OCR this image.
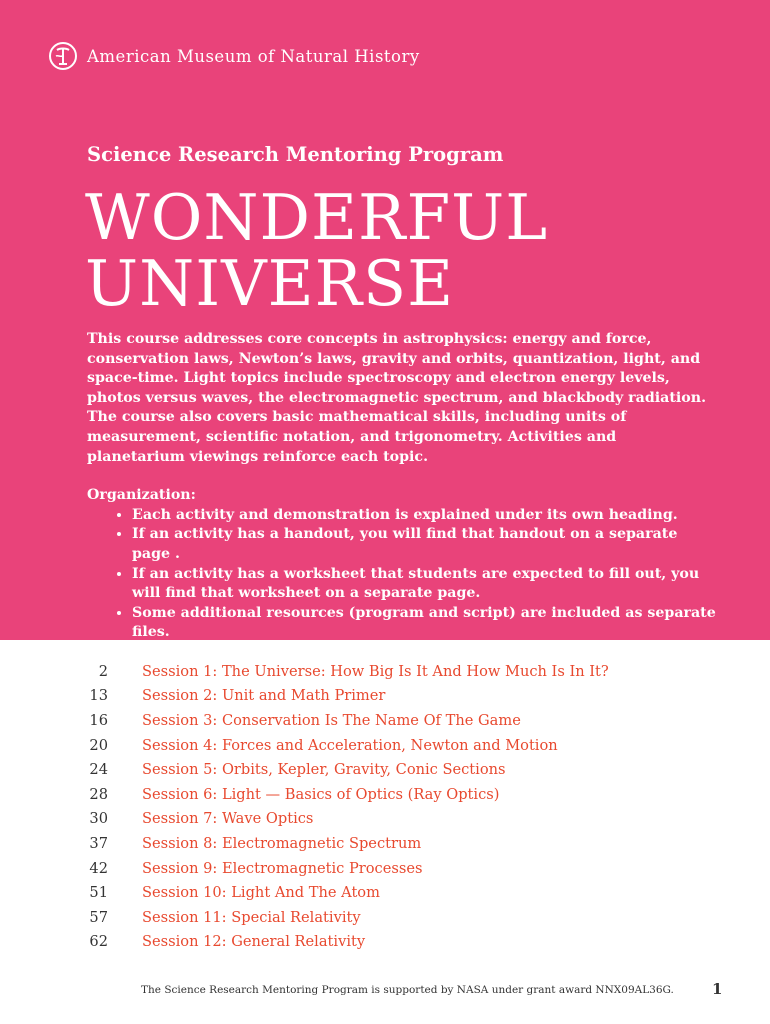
American Museum of Natural History
Science Research Mentoring Program
WONDERFUL
UNIVERSE

This course addresses core concepts in astrophysics: energy and force, conservation laws, Newton’s laws, gravity and orbits, quantization, light, and space-time. Light topics include spectroscopy and electron energy levels, photos versus waves, the electromagnetic spectrum, and blackbody radiation. The course also covers basic mathematical skills, including units of measurement, scientific notation, and trigonometry. Activities and planetarium viewings reinforce each topic.

Organization:

• Each activity and demonstration is explained under its own heading.
• If an activity has a handout, you will find that handout on a separate page .
• If an activity has a worksheet that students are expected to fill out, you will find that worksheet on a separate page.
• Some additional resources (program and script) are included as separate files.
2 Session 1: The Universe: How Big Is It And How Much Is In It?
13 Session 2: Unit and Math Primer
16 Session 3: Conservation Is The Name Of The Game
20 Session 4: Forces and Acceleration, Newton and Motion
24 Session 5: Orbits, Kepler, Gravity, Conic Sections
28 Session 6: Light — Basics of Optics (Ray Optics)
30 Session 7: Wave Optics
37 Session 8: Electromagnetic Spectrum
42 Session 9: Electromagnetic Processes
51 Session 10: Light And The Atom
57 Session 11: Special Relativity
62 Session 12: General Relativity
The Science Research Mentoring Program is supported by NASA under grant award NNX09AL36G.	1
